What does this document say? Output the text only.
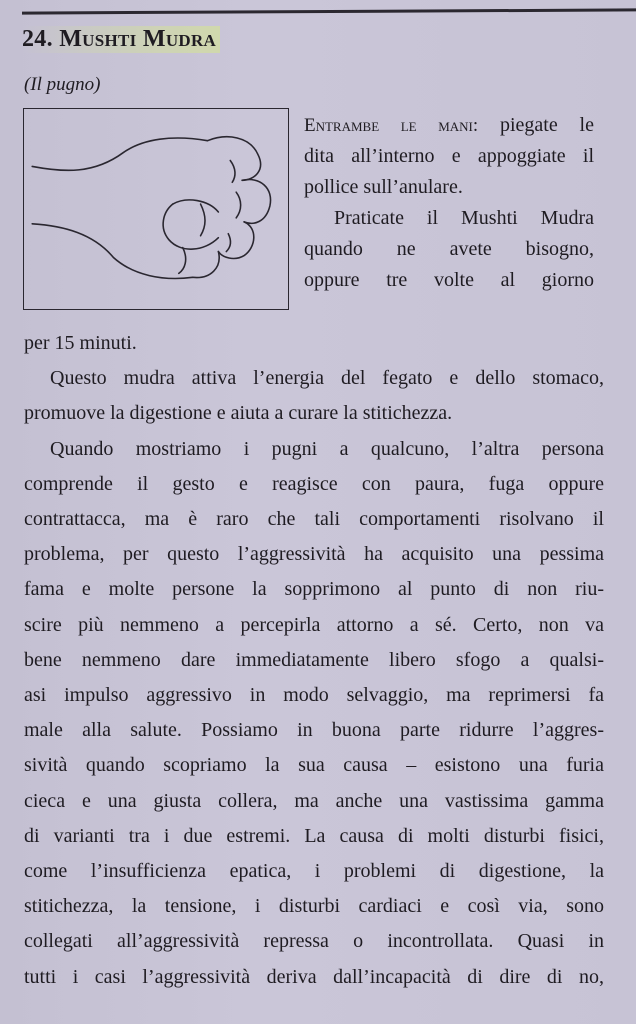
24. Mushti Mudra
(Il pugno)
Entrambe le mani: piegate le
dita all’interno e appoggiate il
pollice sull’anulare.
Praticate il Mushti Mudra
quando ne avete bisogno,
oppure tre volte al giorno
per 15 minuti.
Questo mudra attiva l’energia del fegato e dello stomaco,
promuove la digestione e aiuta a curare la stitichezza.
Quando mostriamo i pugni a qualcuno, l’altra persona
comprende il gesto e reagisce con paura, fuga oppure
contrattacca, ma è raro che tali comportamenti risolvano il
problema, per questo l’aggressività ha acquisito una pessima
fama e molte persone la sopprimono al punto di non riu-
scire più nemmeno a percepirla attorno a sé. Certo, non va
bene nemmeno dare immediatamente libero sfogo a qualsi-
asi impulso aggressivo in modo selvaggio, ma reprimersi fa
male alla salute. Possiamo in buona parte ridurre l’aggres-
sività quando scopriamo la sua causa – esistono una furia
cieca e una giusta collera, ma anche una vastissima gamma
di varianti tra i due estremi. La causa di molti disturbi fisici,
come l’insufficienza epatica, i problemi di digestione, la
stitichezza, la tensione, i disturbi cardiaci e così via, sono
collegati all’aggressività repressa o incontrollata. Quasi in
tutti i casi l’aggressività deriva dall’incapacità di dire di no,
